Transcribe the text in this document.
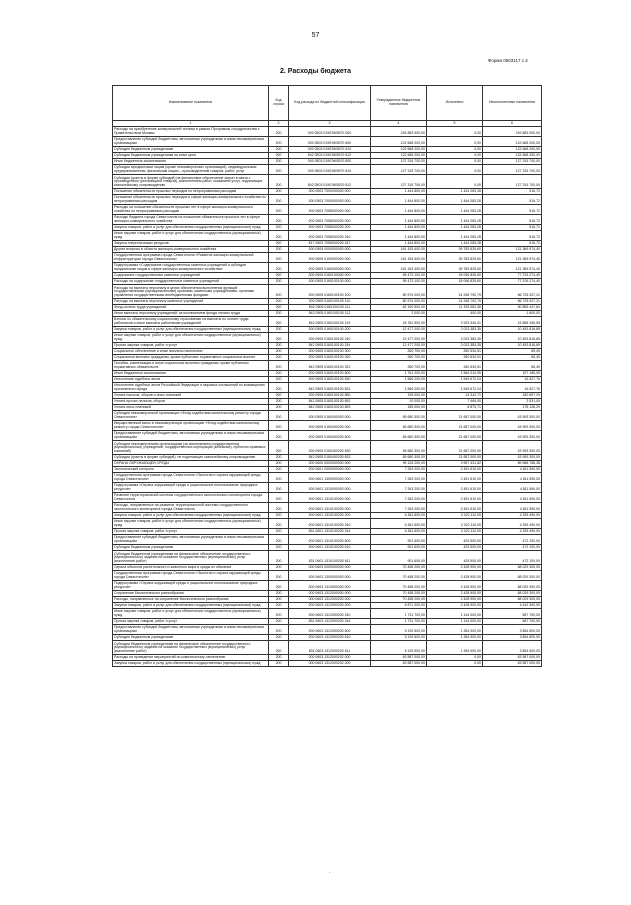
57
Форма 0503117 с.2
2. Расходы бюджета
Наименование показателя	Код строки	Код расхода по бюджетной классификации	Утвержденные бюджетные назначения	Исполнено	Неисполненные назначения
1	2	3	4	5	6
Расходы на приобретение коммунальной техники в рамках Программы сотрудничества с Правительством Москвы	200	000 0503 0190ЭМ3970 000	249 883 900,00	0,00	249 883 900,00
Предоставление субсидий бюджетным, автономным учреждениям и иным некоммерческим организациям	200	000 0503 0190ЭМ3970 600	122 668 200,00	0,00	122 668 200,00
Субсидии бюджетным учреждениям	200	000 0503 0190ЭМ3970 610	122 668 200,00	0,00	122 668 200,00
Субсидии бюджетным учреждениям на иные цели	200	842 0503 0190ЭМ3970 612	122 668 200,00	0,00	122 668 200,00
Иные бюджетные ассигнования	200	000 0503 0190ЭМ3970 800	127 315 700,00	0,00	127 315 700,00
Субсидии юридическим лицам (кроме некоммерческих организаций), индивидуальным предпринимателям, физическим лицам – производителям товаров, работ, услуг	200	000 0503 0190ЭМ3970 810	127 315 700,00	0,00	127 315 700,00
Субсидии (гранты в форме субсидий) на финансовое обеспечение затрат в связи с производством (реализацией товаров), выполнением работ, оказанием услуг, подлежащие казначейскому сопровождению	200	842 0503 0190ЭМ3970 812	127 315 700,00	0,00	127 315 700,00
Погашение обязательств прошлых периодов по непрограммным расходам	200	000 0503 7000000000 000	1 444 800,00	1 444 283,28	516,72
Погашение обязательств прошлых периодов в сфере жилищно-коммунального хозяйства по непрограммным расходам	200	000 0503 7050000000 000	1 444 800,00	1 444 283,28	516,72
Расходы на погашение обязательств прошлых лет в сфере жилищно-коммунального хозяйства по непрограммным расходам	200	000 0503 7058300000 000	1 444 800,00	1 444 283,28	516,72
Расходы бюджета города Севастополя на погашение обязательств прошлых лет в сфере жилищно-коммунального хозяйства	200	000 0503 7058300200 000	1 444 800,00	1 444 283,28	516,72
Закупка товаров, работ и услуг для обеспечения государственных (муниципальных) нужд	200	000 0503 7058300200 200	1 444 800,00	1 444 283,28	516,72
Иные закупки товаров, работ и услуг для обеспечения государственных (муниципальных) нужд	200	000 0503 7058300200 240	1 444 800,00	1 444 283,28	516,72
Закупка энергетических ресурсов	200	817 0503 7058300200 247	1 444 800,00	1 444 283,28	516,72
Другие вопросы в области жилищно-коммунального хозяйства	200	000 0505 0000000000 000	161 153 400,00	39 783 825,60	121 369 574,40
Государственная программа города Севастополя «Развитие жилищно-коммунальной инфраструктуры города Севастополя»	200	000 0505 0100000000 000	161 153 400,00	39 783 825,60	121 369 574,40
Подпрограмма «Содержание государственных казенных учреждений и субсидии юридическим лицам в сфере жилищно-коммунального хозяйства»	200	000 0505 0160000000 000	161 153 400,00	39 783 825,60	121 369 574,40
Содержание государственных казенных учреждений	200	000 0505 0160100000 000	95 473 100,00	18 096 825,60	77 376 274,40
Расходы на содержание государственных казенных учреждений	200	000 0505 0160100100 000	95 473 100,00	18 096 825,60	77 376 274,40
Расходы на выплаты персоналу в целях обеспечения выполнения функций государственными (муниципальными) органами, казенными учреждениями, органами управления государственными внебюджетными фондами	200	000 0505 0160100100 100	80 974 000,00	14 248 792,79	66 725 207,21
Расходы на выплаты персоналу казенных учреждений	200	000 0505 0160100100 110	80 974 000,00	14 248 792,79	66 725 207,21
Фонд оплаты труда учреждений	200	842 0505 0160100100 111	62 190 500,00	11 325 052,36	50 865 447,64
Иные выплаты персоналу учреждений, за исключением фонда оплаты труда	200	842 0505 0160100100 112	2 000,00	400,00	1 600,00
Взносы по обязательному социальному страхованию на выплаты по оплате труда работников и иные выплаты работникам учреждений	200	842 0505 0160100100 119	18 781 500,00	2 923 340,41	15 858 159,59
Закупка товаров, работ и услуг для обеспечения государственных (муниципальных) нужд	200	000 0505 0160100100 200	12 477 200,00	2 023 383,35	10 453 816,65
Иные закупки товаров, работ и услуг для обеспечения государственных (муниципальных) нужд	200	000 0505 0160100100 240	12 477 200,00	2 023 383,35	10 453 816,65
Прочая закупка товаров, работ и услуг	200	842 0505 0160100100 244	12 477 200,00	2 023 383,35	10 453 816,65
Социальное обеспечение и иные выплаты населению	200	000 0505 0160100100 300	260 700,00	260 634,51	65,49
Социальные выплаты гражданам, кроме публичных нормативных социальных выплат	200	000 0505 0160100100 320	260 700,00	260 634,51	65,49
Пособия, компенсации и иные социальные выплаты гражданам, кроме публичных нормативных обязательств	200	842 0505 0160100100 321	260 700,00	260 634,51	65,49
Иные бюджетные ассигнования	200	000 0505 0160100100 800	1 761 200,00	1 564 014,95	197 185,05
Исполнение судебных актов	200	000 0505 0160100100 830	1 566 200,00	1 549 672,24	16 527,76
Исполнение судебных актов Российской Федерации и мировых соглашений по возмещению причиненного вреда	200	842 0505 0160100100 831	1 566 200,00	1 549 672,24	16 527,76
Уплата налогов, сборов и иных платежей	200	000 0505 0160100100 850	195 000,00	14 342,71	180 657,29
Уплата прочих налогов, сборов	200	842 0505 0160100100 852	10 000,00	7 469,00	2 531,00
Уплата иных платежей	200	842 0505 0160100100 853	185 000,00	6 873,71	178 126,29
Субсидии некоммерческой организации «Фонд содействия капитальному ремонту города Севастополя»	200	000 0505 0160400000 000	65 680 300,00	21 687 000,00	43 993 300,00
Имущественный взнос в некоммерческую организацию «Фонд содействия капитальному ремонту города Севастополя»	200	000 0505 0160400200 000	65 680 300,00	21 687 000,00	43 993 300,00
Предоставление субсидий бюджетным, автономным учреждениям и иным некоммерческим организациям	200	000 0505 0160400200 600	65 680 300,00	21 687 000,00	43 993 300,00
Субсидии некоммерческим организациям (за исключением государственных (муниципальных) учреждений, государственных корпораций (компаний), публично-правовых компаний)	200	000 0505 0160400200 630	65 680 300,00	21 687 000,00	43 993 300,00
Субсидии (гранты в форме субсидий), не подлежащие казначейскому сопровождению	200	842 0505 0160400200 633	65 680 300,00	21 687 000,00	43 993 300,00
ОХРАНА ОКРУЖАЮЩЕЙ СРЕДЫ	200	000 0600 0000000000 000	99 126 200,00	9 557 431,62	89 568 768,38
Экологический контроль	200	000 0601 0000000000 000	7 263 200,00	2 451 610,00	4 811 590,00
Государственная программа города Севастополя «Экология и охрана окружающей среды города Севастополя»	200	000 0601 1300000000 000	7 263 200,00	2 451 610,00	4 811 590,00
Подпрограмма «Охрана окружающей среды и рациональное использование природных ресурсов»	200	000 0601 1310000000 000	7 263 200,00	2 451 610,00	4 811 590,00
Развитие территориальной системы государственного экологического мониторинга города Севастополя	200	000 0601 1310100000 000	7 263 200,00	2 451 610,00	4 811 590,00
Расходы, направленные на развитие территориальной системы государственного экологического мониторинга города Севастополя	200	000 0601 1310100200 000	7 263 200,00	2 451 610,00	4 811 590,00
Закупка товаров, работ и услуг для обеспечения государственных (муниципальных) нужд	200	000 0601 1310100200 200	6 361 600,00	2 022 110,00	4 339 490,00
Иные закупки товаров, работ и услуг для обеспечения государственных (муниципальных) нужд	200	000 0601 1310100200 240	6 361 600,00	2 022 110,00	4 339 490,00
Прочая закупка товаров, работ и услуг	200	831 0601 1310100200 244	6 361 600,00	2 022 110,00	4 339 490,00
Предоставление субсидий бюджетным, автономным учреждениям и иным некоммерческим организациям	200	000 0601 1310100200 600	901 600,00	429 500,00	472 100,00
Субсидии бюджетным учреждениям	200	000 0601 1310100200 610	901 600,00	429 500,00	472 100,00
Субсидии бюджетным учреждениям на финансовое обеспечение государственного (муниципального) задания на оказание государственных (муниципальных) услуг (выполнение работ)	200	831 0601 1310100200 611	901 600,00	429 500,00	472 100,00
Охрана объектов растительного и животного мира и среды их обитания	200	000 0603 0000000000 000	70 458 200,00	2 428 900,00	68 029 300,00
Государственная программа города Севастополя «Экология и охрана окружающей среды города Севастополя»	200	000 0603 1300000000 000	70 458 200,00	2 428 900,00	68 029 300,00
Подпрограмма «Охрана окружающей среды и рациональное использование природных ресурсов»	200	000 0603 1310000000 000	70 458 200,00	2 428 900,00	68 029 300,00
Сохранение биологического разнообразия	200	000 0603 1312000000 000	70 458 200,00	2 428 900,00	68 029 300,00
Расходы, направленные на сохранение биологического разнообразия	200	000 0603 1312000200 000	70 458 200,00	2 428 900,00	68 029 300,00
Закупка товаров, работ и услуг для обеспечения государственных (муниципальных) нужд	200	000 0603 1312000200 200	6 871 200,00	2 428 900,00	4 442 300,00
Иные закупки товаров, работ и услуг для обеспечения государственных (муниципальных) нужд	200	000 0603 1312000200 240	1 731 700,00	1 144 000,00	587 700,00
Прочая закупка товаров, работ и услуг	200	831 0603 1312000200 244	1 731 700,00	1 144 000,00	587 700,00
Предоставление субсидий бюджетным, автономным учреждениям и иным некоммерческим организациям	200	000 0603 1312000200 600	5 139 500,00	1 284 900,00	3 854 600,00
Субсидии бюджетным учреждениям	200	000 0603 1312000200 610	5 139 500,00	1 284 900,00	3 854 600,00
Субсидии бюджетным учреждениям на финансовое обеспечение государственного (муниципального) задания на оказание государственных (муниципальных) услуг (выполнение работ)	200	831 0603 1312000200 611	5 139 500,00	1 284 900,00	3 854 600,00
Расходы на проведение мероприятий по комплексному озеленению	200	000 0603 1312000202 000	63 587 000,00	0,00	63 587 000,00
Закупка товаров, работ и услуг для обеспечения государственных (муниципальных) нужд	200	000 0603 1312000202 200	63 587 000,00	0,00	63 587 000,00
·
